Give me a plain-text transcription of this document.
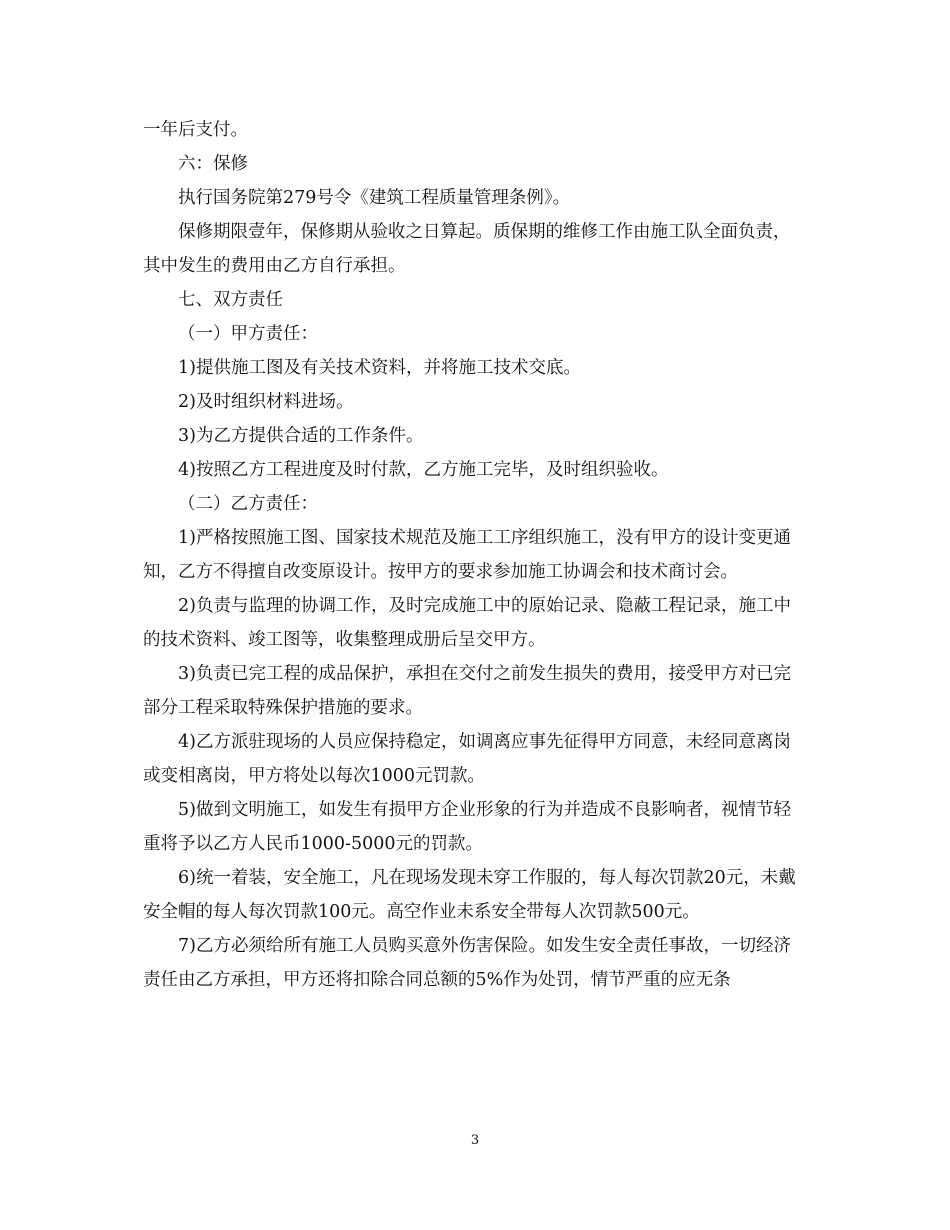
一年后支付。

六：保修

执行国务院第279号令《建筑工程质量管理条例》。

保修期限壹年，保修期从验收之日算起。质保期的维修工作由施工队全面负责，其中发生的费用由乙方自行承担。

七、双方责任

（一）甲方责任：

1)提供施工图及有关技术资料，并将施工技术交底。

2)及时组织材料进场。

3)为乙方提供合适的工作条件。

4)按照乙方工程进度及时付款，乙方施工完毕，及时组织验收。

（二）乙方责任：

1)严格按照施工图、国家技术规范及施工工序组织施工，没有甲方的设计变更通知，乙方不得擅自改变原设计。按甲方的要求参加施工协调会和技术商讨会。

2)负责与监理的协调工作，及时完成施工中的原始记录、隐蔽工程记录，施工中的技术资料、竣工图等，收集整理成册后呈交甲方。

3)负责已完工程的成品保护，承担在交付之前发生损失的费用，接受甲方对已完部分工程采取特殊保护措施的要求。

4)乙方派驻现场的人员应保持稳定，如调离应事先征得甲方同意，未经同意离岗或变相离岗，甲方将处以每次1000元罚款。

5)做到文明施工，如发生有损甲方企业形象的行为并造成不良影响者，视情节轻重将予以乙方人民币1000-5000元的罚款。

6)统一着装，安全施工，凡在现场发现未穿工作服的，每人每次罚款20元，未戴安全帽的每人每次罚款100元。高空作业未系安全带每人次罚款500元。

7)乙方必须给所有施工人员购买意外伤害保险。如发生安全责任事故，一切经济责任由乙方承担，甲方还将扣除合同总额的5%作为处罚，情节严重的应无条

3
